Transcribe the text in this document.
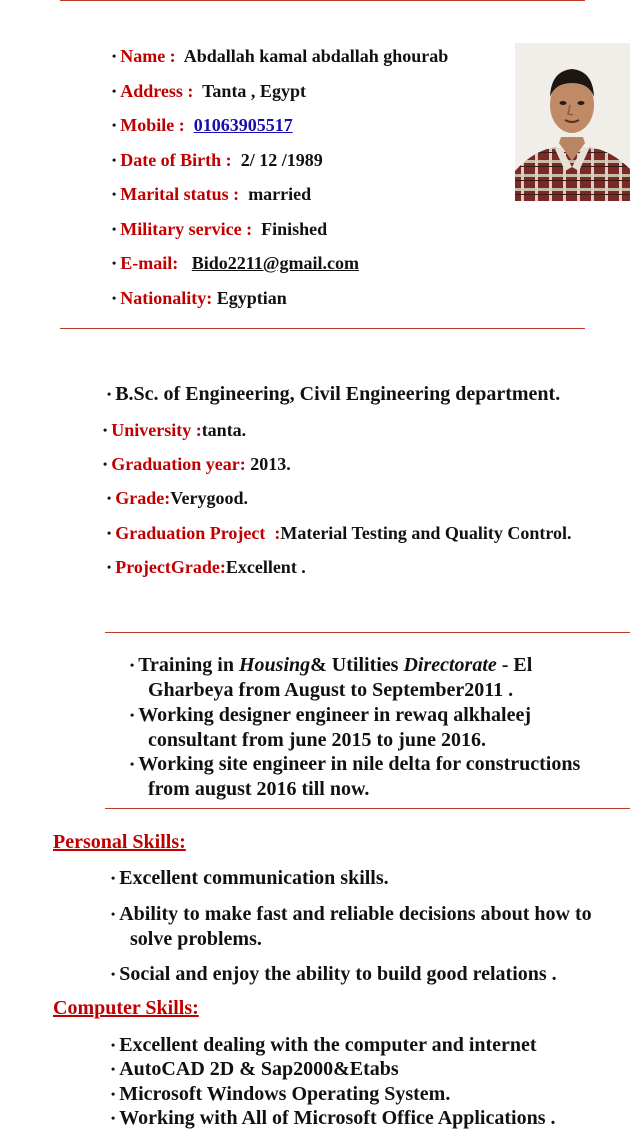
• Name : Abdallah kamal abdallah ghourab
• Address : Tanta , Egypt
• Mobile : 01063905517
• Date of Birth : 2/ 12 /1989
• Marital status : married
• Military service : Finished
• E-mail: Bido2211@gmail.com
• Nationality: Egyptian
• B.Sc. of Engineering, Civil Engineering department.
• University :tanta.
• Graduation year: 2013.
• Grade:Verygood.
• Graduation Project  :Material Testing and Quality Control.
• ProjectGrade:Excellent .
• Training in Housing& Utilities Directorate - El
Gharbeya from August to September2011 .
• Working designer engineer in rewaq alkhaleej
consultant from june 2015 to june 2016.
• Working site engineer in nile delta for constructions
from august 2016 till now.
Personal Skills:
• Excellent communication skills.
• Ability to make fast and reliable decisions about how to
solve problems.
• Social and enjoy the ability to build good relations .
Computer Skills:
• Excellent dealing with the computer and internet
• AutoCAD 2D & Sap2000&Etabs
• Microsoft Windows Operating System.
• Working with All of Microsoft Office Applications .
